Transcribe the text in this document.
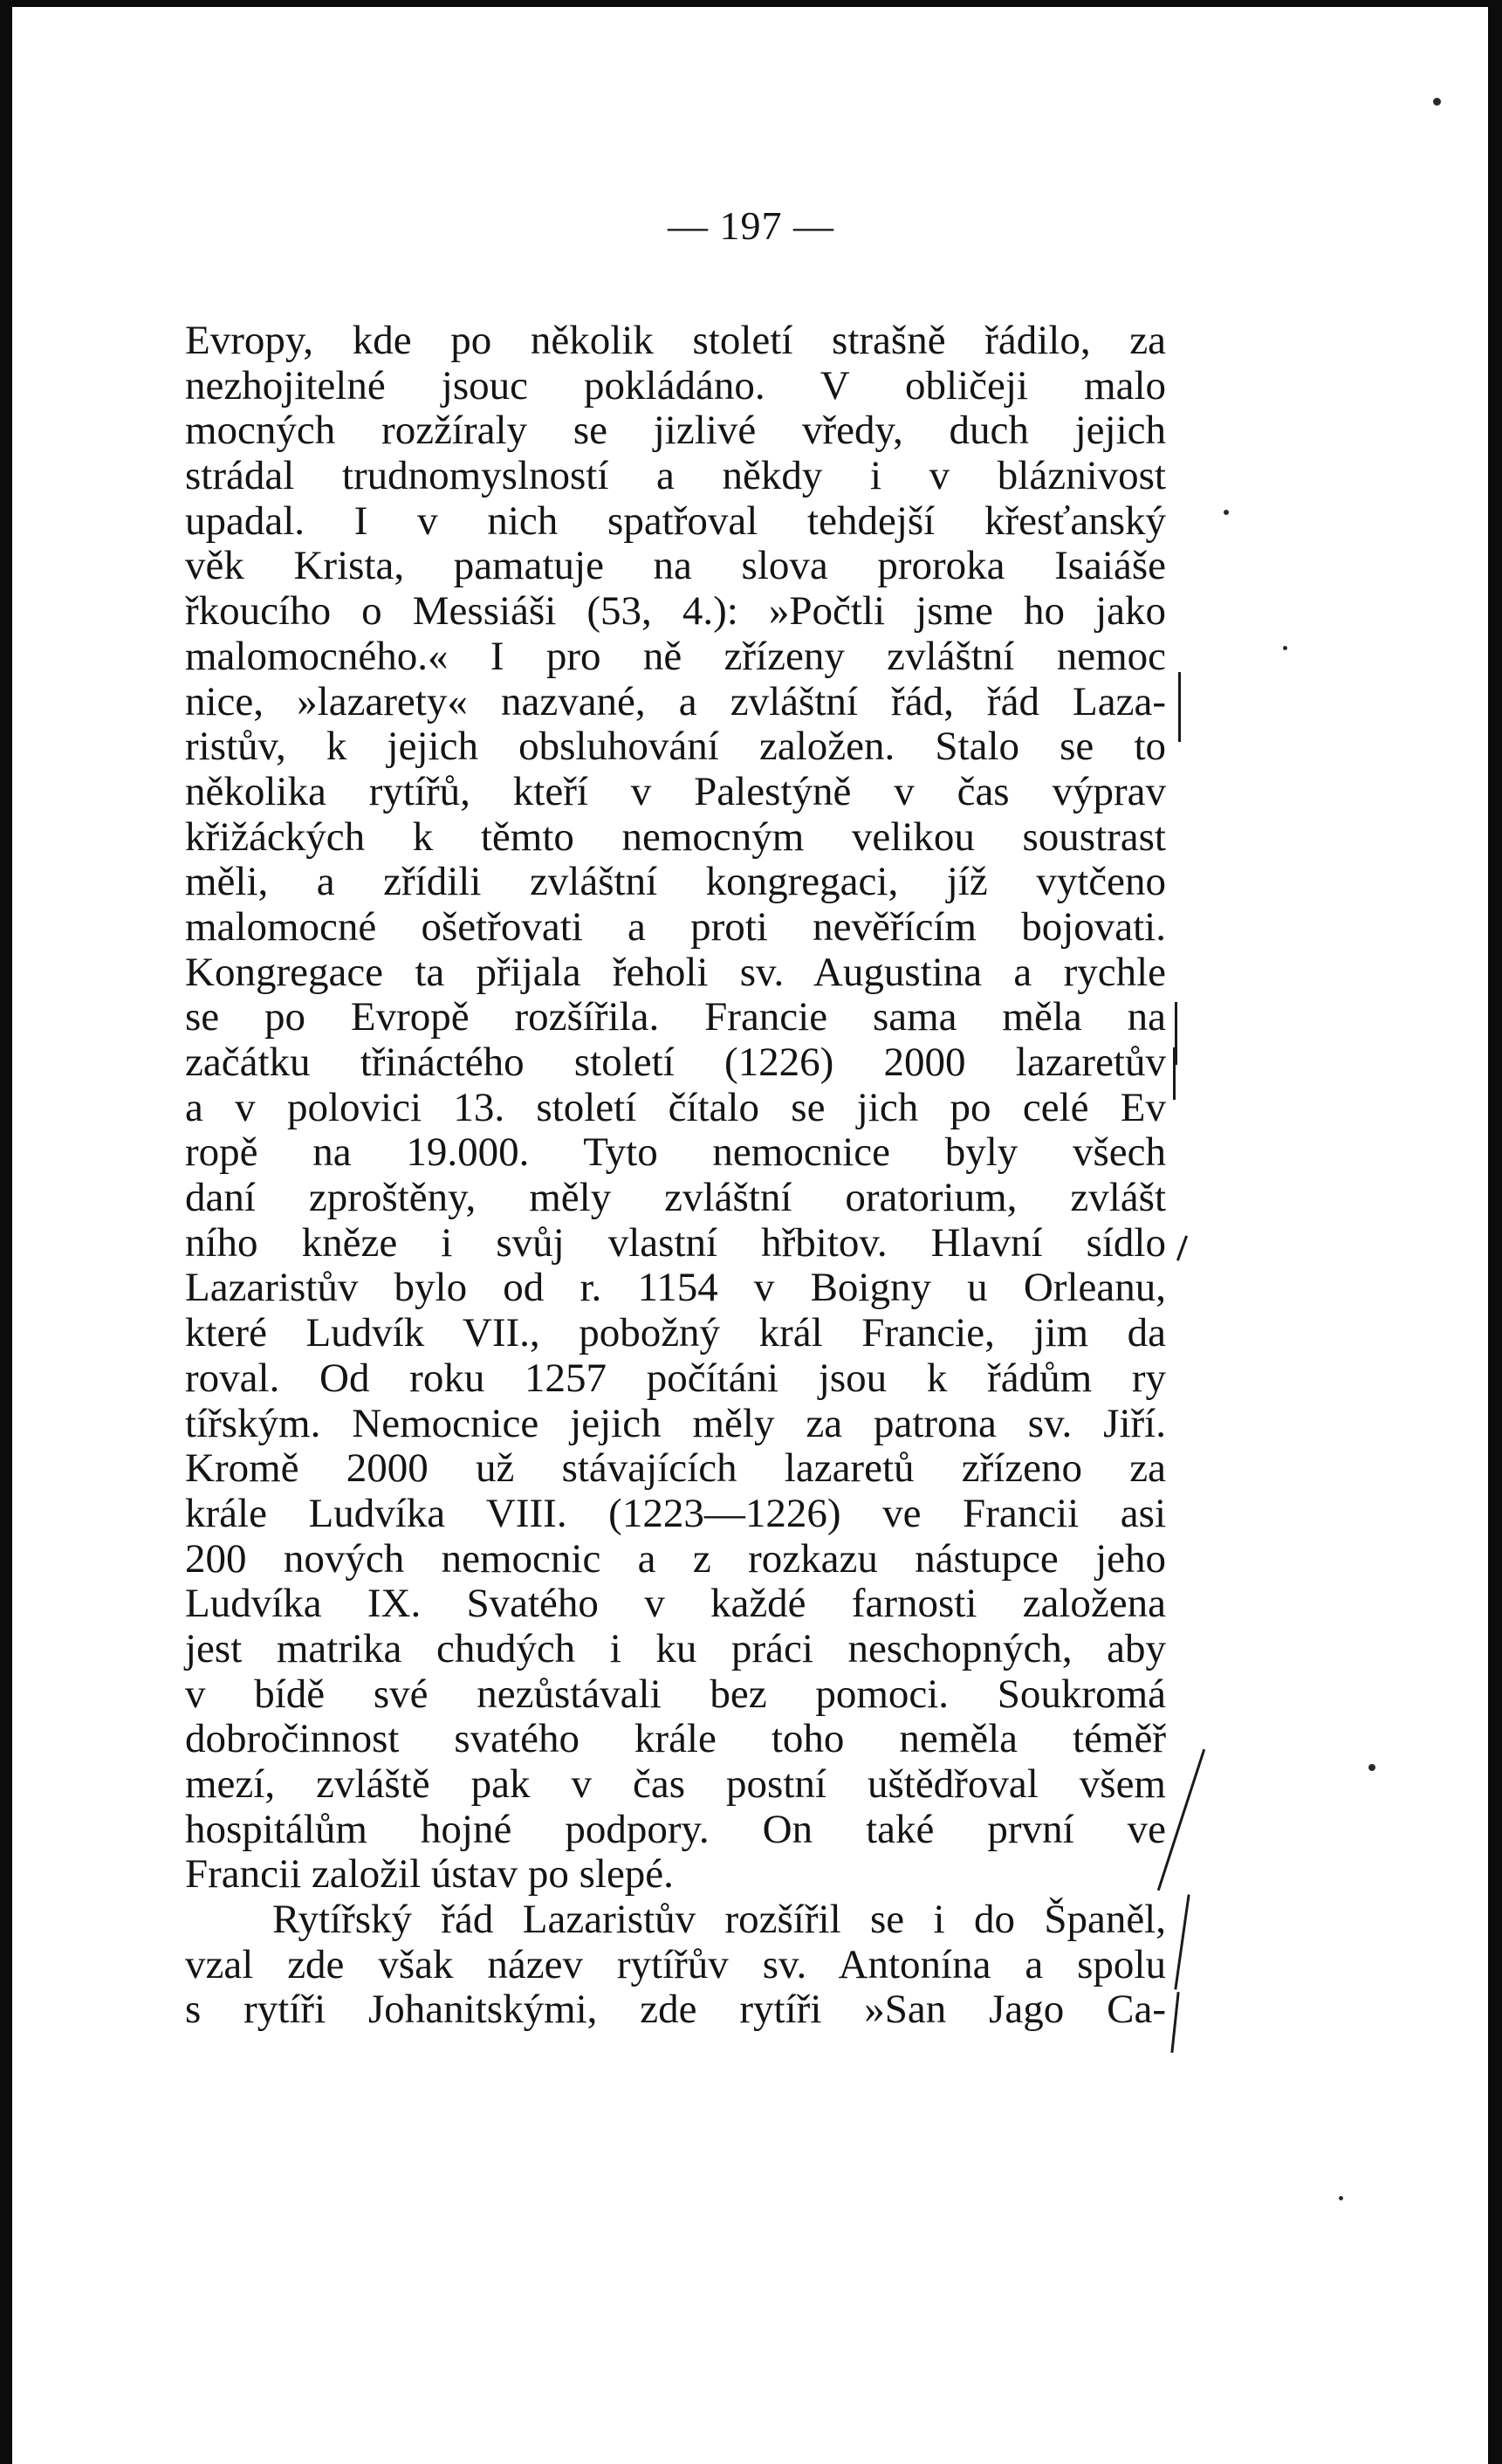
— 197 —
Evropy, kde po několik století strašně řádilo, za
nezhojitelné jsouc pokládáno. V obličeji malo
mocných rozžíraly se jizlivé vředy, duch jejich
strádal trudnomyslností a někdy i v bláznivost
upadal. I v nich spatřoval tehdejší křesťanský
věk Krista, pamatuje na slova proroka Isaiáše
řkoucího o Messiáši (53, 4.): »Počtli jsme ho jako
malomocného.« I pro ně zřízeny zvláštní nemoc
nice, »lazarety« nazvané, a zvláštní řád, řád Laza-
ristův, k jejich obsluhování založen. Stalo se to
několika rytířů, kteří v Palestýně v čas výprav
křižáckých k těmto nemocným velikou soustrast
měli, a zřídili zvláštní kongregaci, jíž vytčeno
malomocné ošetřovati a proti nevěřícím bojovati.
Kongregace ta přijala řeholi sv. Augustina a rychle
se po Evropě rozšířila. Francie sama měla na
začátku třináctého století (1226) 2000 lazaretův
a v polovici 13. století čítalo se jich po celé Ev
ropě na 19.000. Tyto nemocnice byly všech
daní zproštěny, měly zvláštní oratorium, zvlášt
ního kněze i svůj vlastní hřbitov. Hlavní sídlo
Lazaristův bylo od r. 1154 v Boigny u Orleanu,
které Ludvík VII., pobožný král Francie, jim da
roval. Od roku 1257 počítáni jsou k řádům ry
tířským. Nemocnice jejich měly za patrona sv. Jiří.
Kromě 2000 už stávajících lazaretů zřízeno za
krále Ludvíka VIII. (1223—1226) ve Francii asi
200 nových nemocnic a z rozkazu nástupce jeho
Ludvíka IX. Svatého v každé farnosti založena
jest matrika chudých i ku práci neschopných, aby
v bídě své nezůstávali bez pomoci. Soukromá
dobročinnost svatého krále toho neměla téměř
mezí, zvláště pak v čas postní uštědřoval všem
hospitálům hojné podpory. On také první ve
Francii založil ústav po slepé.
Rytířský řád Lazaristův rozšířil se i do Španěl,
vzal zde však název rytířův sv. Antonína a spolu
s rytíři Johanitskými, zde rytíři »San Jago Ca-
